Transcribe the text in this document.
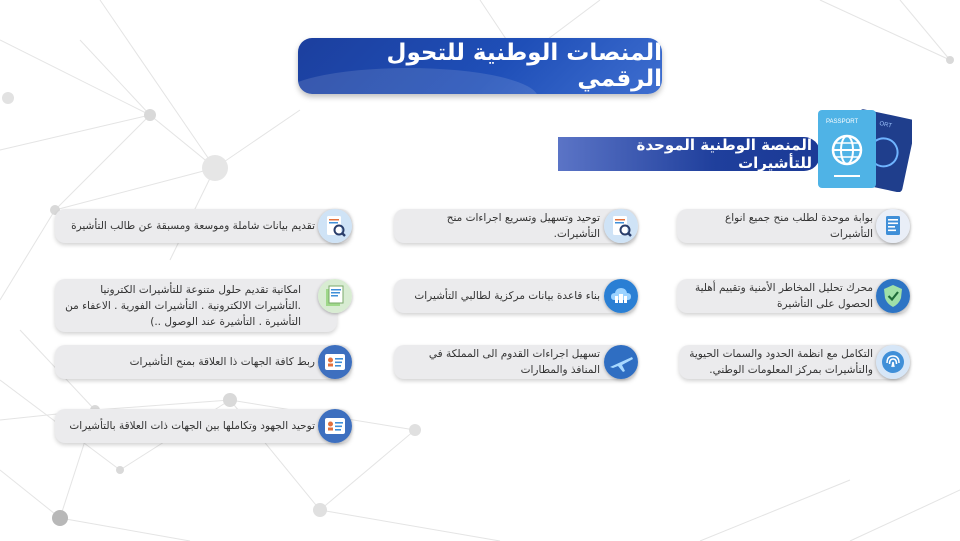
المنصات الوطنية للتحول الرقمي
المنصة الوطنية الموحدة للتأشيرات
ORT
PASSPORT
بوابة موحدة لطلب منح جميع انواع التأشيرات
محرك تحليل المخاطر الأمنية وتقييم أهلية الحصول على التأشيرة
التكامل مع انظمة الحدود والسمات الحيوية والتأشيرات بمركز المعلومات الوطني.
توحيد وتسهيل وتسريع اجراءات منح التأشيرات.
بناء قاعدة بيانات مركزية لطالبي التأشيرات
تسهيل اجراءات القدوم الى المملكة في المنافذ والمطارات
تقديم بيانات شاملة وموسعة ومسبقة عن طالب التأشيرة
امكانية تقديم حلول متنوعة للتأشيرات الكترونيا .التأشيرات الالكترونية . التأشيرات الفورية . الاعفاء من التأشيرة . التأشيرة عند الوصول ..)
ربط كافة الجهات ذا العلاقة بمنح التأشيرات
توحيد الجهود وتكاملها بين الجهات ذات العلاقة بالتأشيرات
